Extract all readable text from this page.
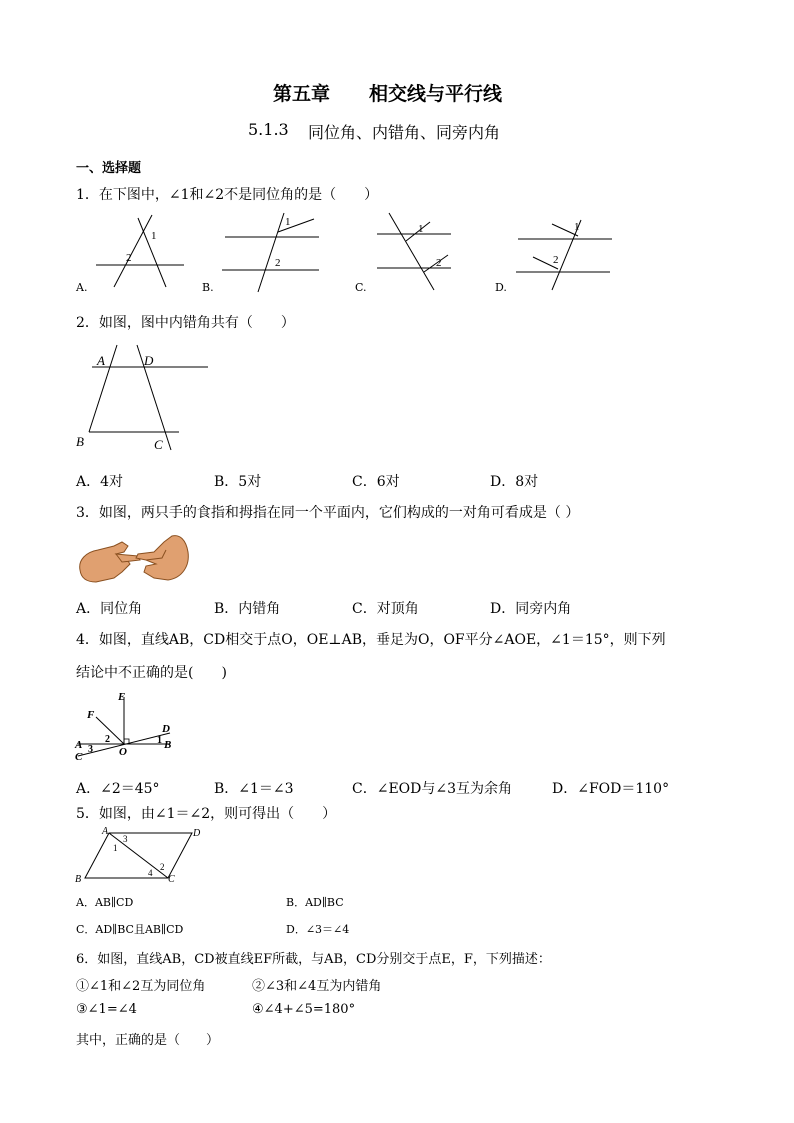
第五章 相交线与平行线
5.1.3 同位角、内错角、同旁内角
一、选择题
1．在下图中，∠1和∠2不是同位角的是（　　）
1
2
1
2
1
2
1
2
A.	B.	C.	D.
2．如图，图中内错角共有（　　）
A	D
B	C
A．4对	B．5对	C．6对	D．8对
3．如图，两只手的食指和拇指在同一个平面内，它们构成的一对角可看成是（ ）
A．同位角	B．内错角	C．对顶角	D．同旁内角
4．如图，直线AB，CD相交于点O，OE⊥AB，垂足为O，OF平分∠AOE，∠1＝15°，则下列
结论中不正确的是(　　)
E
F
D
A	B
C	O
1
2
3
A．∠2＝45°	B．∠1＝∠3	C．∠EOD与∠3互为余角	D．∠FOD＝110°
5．如图，由∠1＝∠2，则可得出（　　）
A	D
B	C
1
2
3
4
A．AB∥CD	B．AD∥BC
C．AD∥BC且AB∥CD	D．∠3＝∠4
6．如图，直线AB，CD被直线EF所截，与AB，CD分别交于点E，F，下列描述：
①∠1和∠2互为同位角	②∠3和∠4互为内错角
③∠1=∠4	④∠4+∠5=180°
其中，正确的是（　　）
